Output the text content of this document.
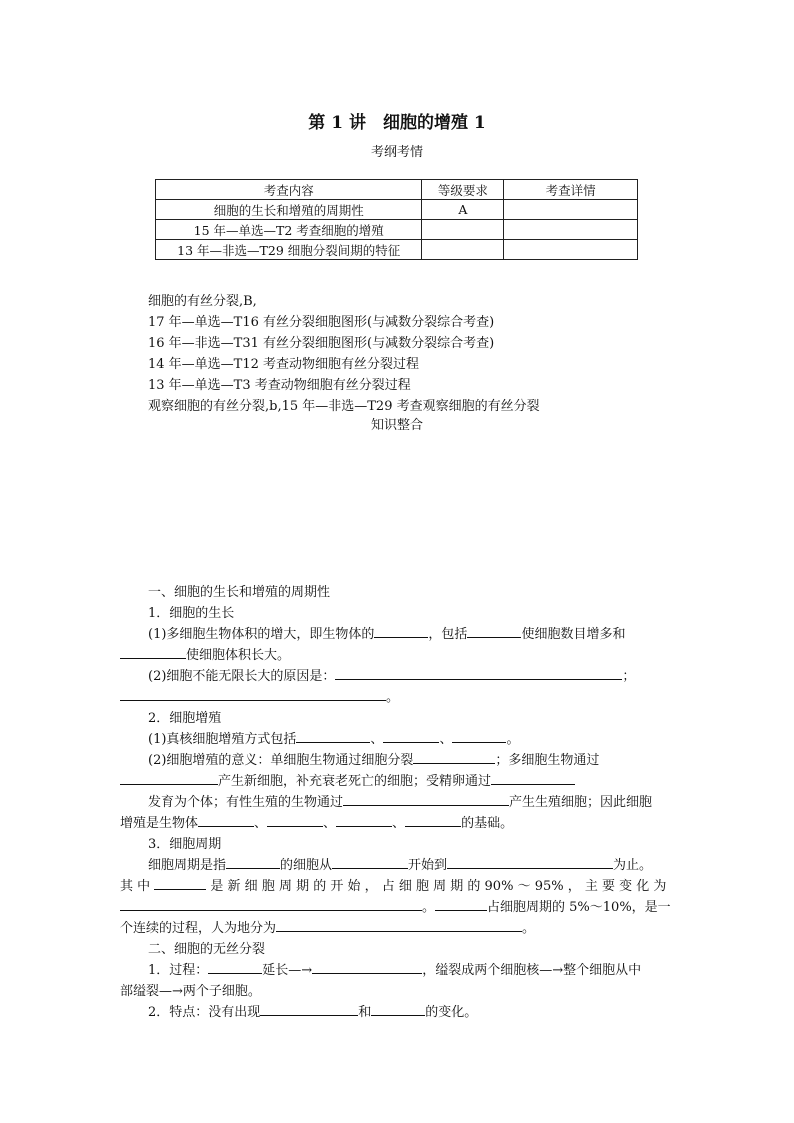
第 1 讲　细胞的增殖 1
考纲考情
考查内容	等级要求	考查详情
细胞的生长和增殖的周期性	A	
15 年—单选—T2 考查细胞的增殖		
13 年—非选—T29 细胞分裂间期的特征		
细胞的有丝分裂,B,
17 年—单选—T16 有丝分裂细胞图形(与减数分裂综合考查)
16 年—非选—T31 有丝分裂细胞图形(与减数分裂综合考查)
14 年—单选—T12 考查动物细胞有丝分裂过程
13 年—单选—T3 考查动物细胞有丝分裂过程
观察细胞的有丝分裂,b,15 年—非选—T29 考查观察细胞的有丝分裂
知识整合
一、细胞的生长和增殖的周期性
1．细胞的生长
(1)多细胞生物体积的增大，即生物体的	，包括	使细胞数目增多和
使细胞体积长大。
(2)细胞不能无限长大的原因是：	；
。
2．细胞增殖
(1)真核细胞增殖方式包括	、	、	。
(2)细胞增殖的意义：单细胞生物通过细胞分裂	；多细胞生物通过
产生新细胞，补充衰老死亡的细胞；受精卵通过
发育为个体；有性生殖的生物通过	产生生殖细胞；因此细胞
增殖是生物体	、	、	、	的基础。
3．细胞周期
细胞周期是指	的细胞从	开始到	为止。
其 中	是 新 细 胞 周 期 的 开 始 ， 占 细 胞 周 期 的 90% ～ 95% ， 主 要 变 化 为
。	占细胞周期的 5%～10%，是一
个连续的过程，人为地分为	。
二、细胞的无丝分裂
1．过程：	延长—→	，缢裂成两个细胞核—→整个细胞从中
部缢裂—→两个子细胞。
2．特点：没有出现	和	的变化。
